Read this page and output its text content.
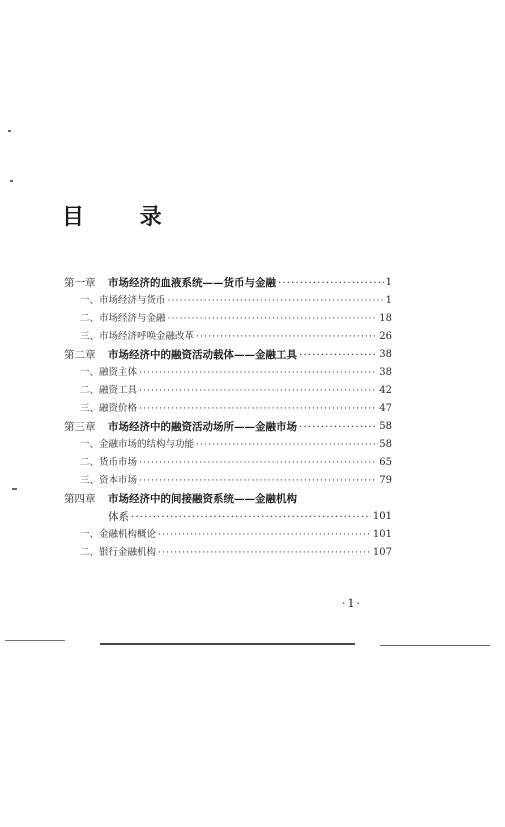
目 录
第一章 市场经济的血液系统——货币与金融 ·····	1
一、市场经济与货币 ·····	1
二、市场经济与金融 ·····	18
三、市场经济呼唤金融改革 ·····	26
第二章 市场经济中的融资活动载体——金融工具 ·····	38
一、融资主体 ·····	38
二、融资工具 ·····	42
三、融资价格 ·····	47
第三章 市场经济中的融资活动场所——金融市场 ·····	58
一、金融市场的结构与功能 ·····	58
二、货币市场 ·····	65
三、资本市场 ·····	79
第四章 市场经济中的间接融资系统——金融机构
体系 ·····	101
一、金融机构概论 ·····	101
二、银行金融机构 ·····	107
·1·
